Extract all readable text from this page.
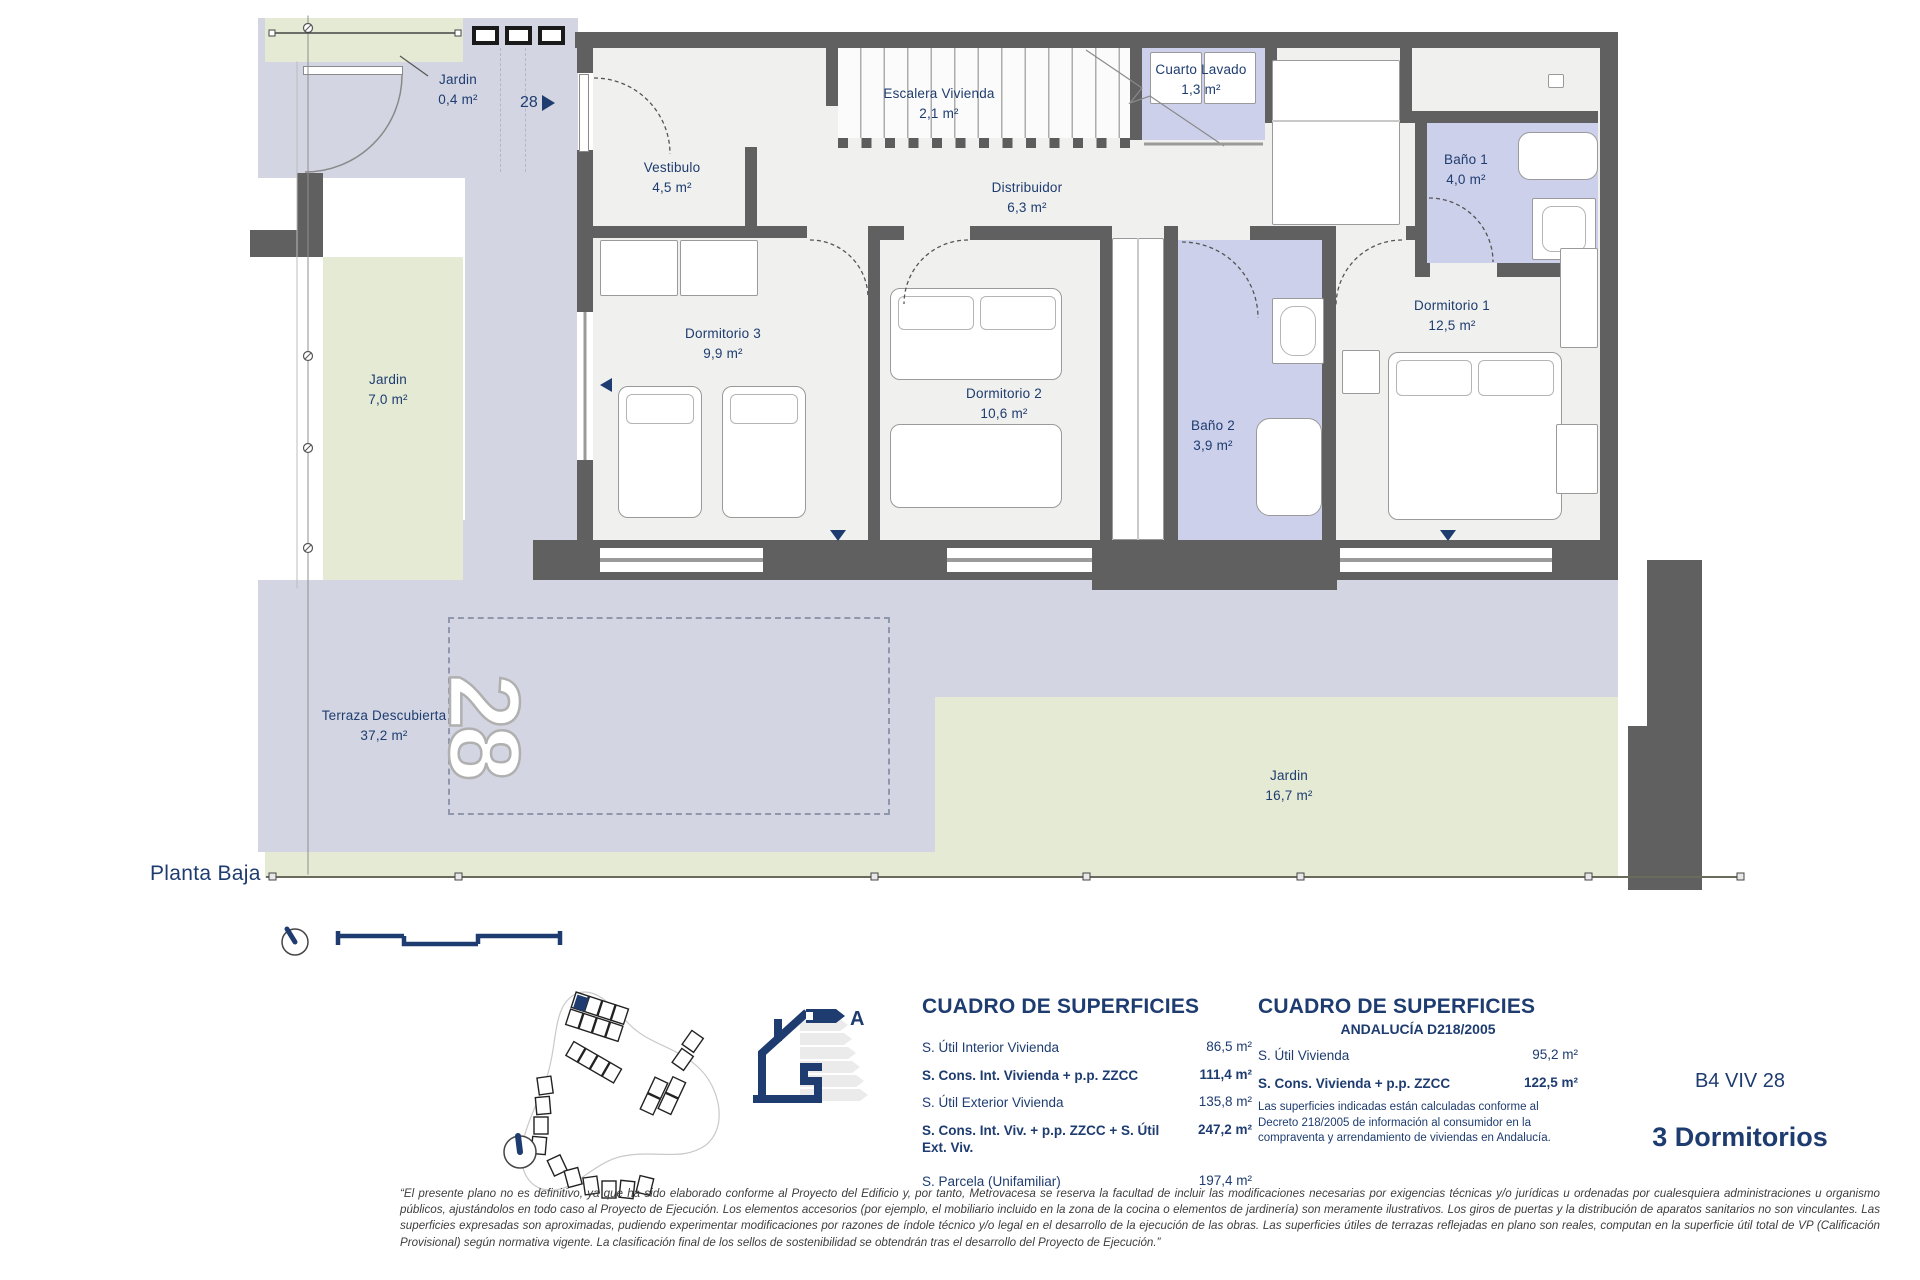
28
A
Jardin
0,4 m²	28
Vestibulo
4,5 m²
Escalera Vivienda
2,1 m²
Cuarto Lavado
1,3 m²
Baño 1
4,0 m²
Distribuidor
6,3 m²
Dormitorio 3
9,9 m²
Dormitorio 2
10,6 m²
Baño 2
3,9 m²
Dormitorio 1
12,5 m²
Jardin
7,0 m²
Terraza Descubierta
37,2 m²
Jardin
16,7 m²
Planta Baja
CUADRO DE SUPERFICIES
S. Útil Interior Vivienda	86,5 m²
S. Cons. Int. Vivienda + p.p. ZZCC	111,4 m²
S. Útil Exterior Vivienda	135,8 m²
S. Cons. Int. Viv. + p.p. ZZCC + S. Útil Ext. Viv.
247,2 m²
S. Parcela (Unifamiliar)	197,4 m²
CUADRO DE SUPERFICIES
ANDALUCÍA D218/2005
S. Útil Vivienda	95,2 m²
S. Cons. Vivienda + p.p. ZZCC	122,5 m²
Las superficies indicadas están calculadas conforme al Decreto 218/2005 de información al consumidor en la compraventa y arrendamiento de viviendas en Andalucía.
B4 VIV 28
3 Dormitorios
“El presente plano no es definitivo, ya que ha sido elaborado conforme al Proyecto del Edificio y, por tanto, Metrovacesa se reserva la facultad de incluir las modificaciones necesarias por exigencias técnicas y/o jurídicas u ordenadas por cualesquiera administraciones u organismo públicos, ajustándolos en todo caso al Proyecto de Ejecución. Los elementos accesorios (por ejemplo, el mobiliario incluido en la zona de la cocina o elementos de jardinería) son meramente ilustrativos. Los giros de puertas y la distribución de aparatos sanitarios no son vinculantes. Las superficies expresadas son aproximadas, pudiendo experimentar modificaciones por razones de índole técnico y/o legal en el desarrollo de la ejecución de las obras. Las superficies útiles de terrazas reflejadas en plano son reales, computan en la superficie útil total de VP (Calificación Provisional) según normativa vigente. La clasificación final de los sellos de sostenibilidad se obtendrán tras el desarrollo del Proyecto de Ejecución.”
